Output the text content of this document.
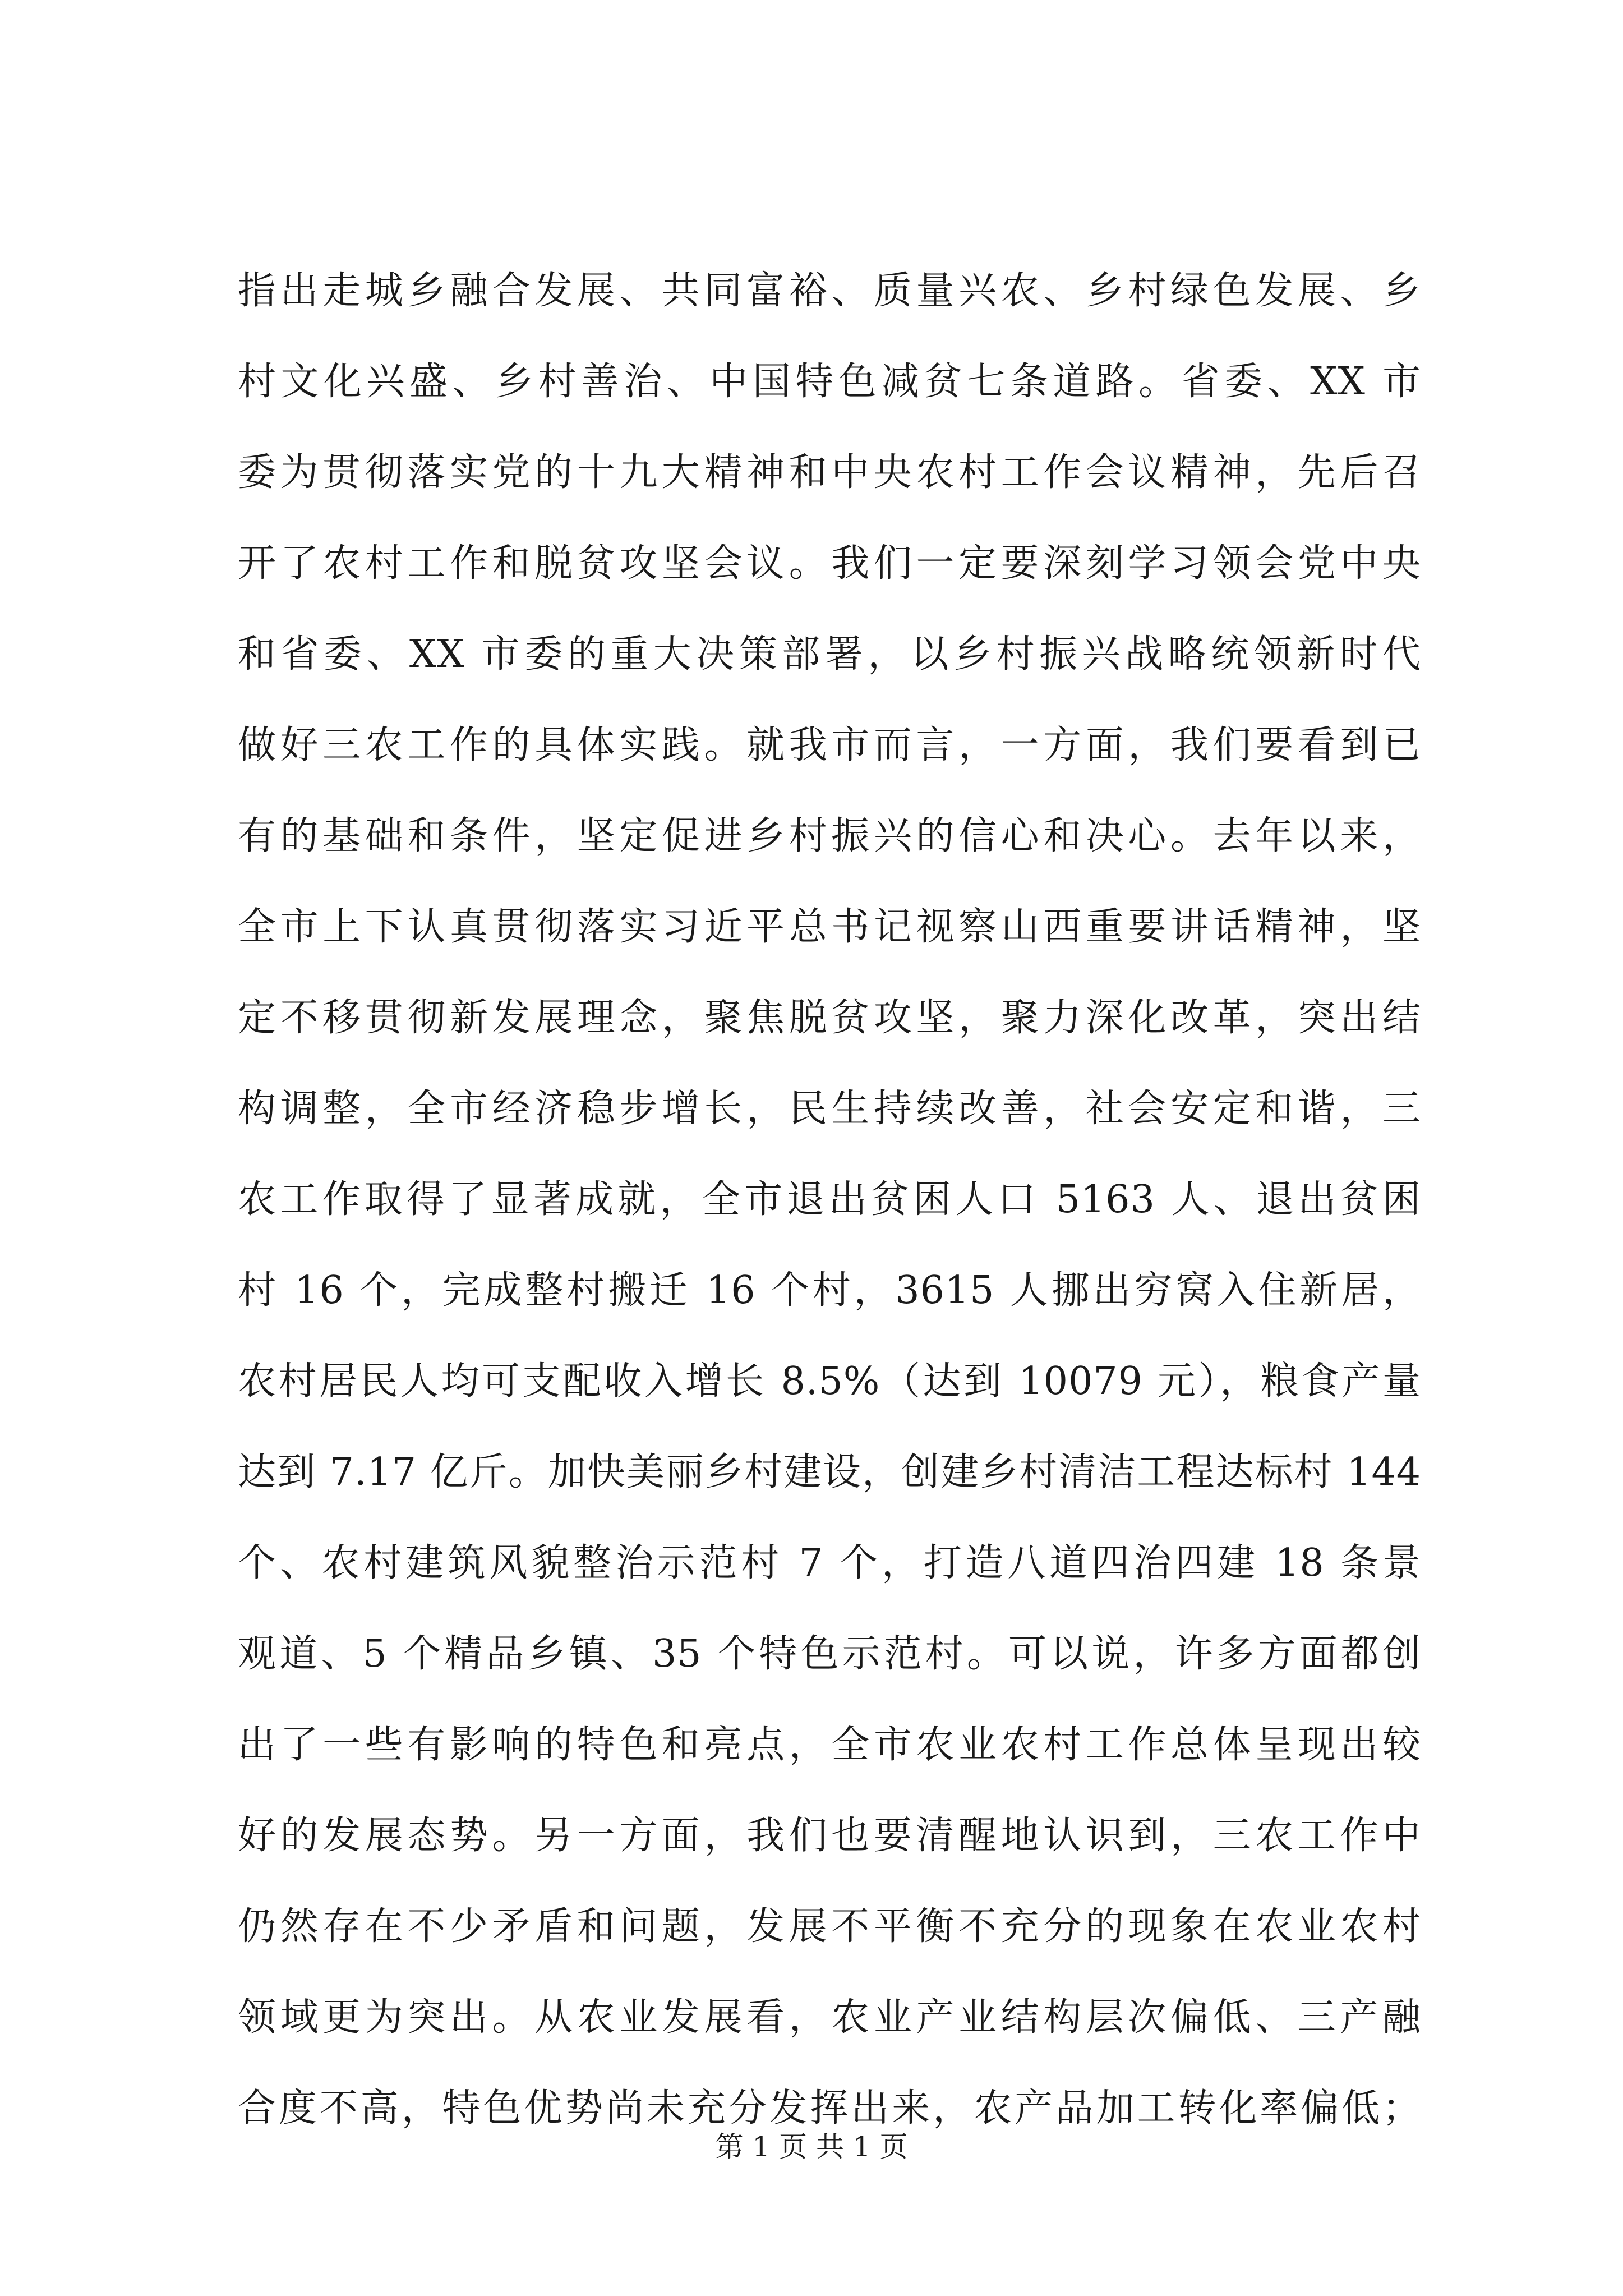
指出走城乡融合发展、共同富裕、质量兴农、乡村绿色发展、乡
村文化兴盛、乡村善治、中国特色减贫七条道路。省委、XX 市
委为贯彻落实党的十九大精神和中央农村工作会议精神，先后召
开了农村工作和脱贫攻坚会议。我们一定要深刻学习领会党中央
和省委、XX 市委的重大决策部署，以乡村振兴战略统领新时代
做好三农工作的具体实践。就我市而言，一方面，我们要看到已
有的基础和条件，坚定促进乡村振兴的信心和决心。去年以来，
全市上下认真贯彻落实习近平总书记视察山西重要讲话精神，坚
定不移贯彻新发展理念，聚焦脱贫攻坚，聚力深化改革，突出结
构调整，全市经济稳步增长，民生持续改善，社会安定和谐，三
农工作取得了显著成就，全市退出贫困人口 5163 人、退出贫困
村 16 个，完成整村搬迁 16 个村，3615 人挪出穷窝入住新居，
农村居民人均可支配收入增长 8.5%（达到 10079 元），粮食产量
达到 7.17 亿斤。加快美丽乡村建设，创建乡村清洁工程达标村 144
个、农村建筑风貌整治示范村 7 个，打造八道四治四建 18 条景
观道、5 个精品乡镇、35 个特色示范村。可以说，许多方面都创
出了一些有影响的特色和亮点，全市农业农村工作总体呈现出较
好的发展态势。另一方面，我们也要清醒地认识到，三农工作中
仍然存在不少矛盾和问题，发展不平衡不充分的现象在农业农村
领域更为突出。从农业发展看，农业产业结构层次偏低、三产融
合度不高，特色优势尚未充分发挥出来，农产品加工转化率偏低；
第 1 页 共 1 页
